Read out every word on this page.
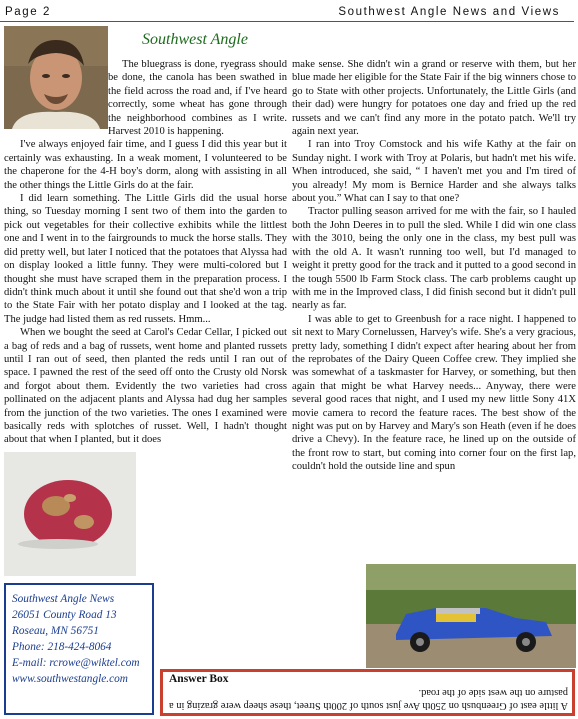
Page 2	Southwest Angle News and Views
Southwest Angle

The bluegrass is done, ryegrass should be done, the canola has been swathed in the field across the road and, if I've heard correctly, some wheat has gone through the neighborhood combines as I write. Harvest 2010 is happening.

I've always enjoyed fair time, and I guess I did this year but it certainly was exhausting. In a weak moment, I volunteered to be the chaperone for the 4-H boy's dorm, along with assisting in all the other things the Little Girls do at the fair.

I did learn something. The Little Girls did the usual horse thing, so Tuesday morning I sent two of them into the garden to pick out vegetables for their collective exhibits while the littlest one and I went in to the fairgrounds to muck the horse stalls. They did pretty well, but later I noticed that the potatoes that Alyssa had on display looked a little funny. They were multi-colored but I thought she must have scraped them in the preparation process. I didn't think much about it until she found out that she'd won a trip to the State Fair with her potato display and I looked at the tag. The judge had listed them as red russets. Hmm...

When we bought the seed at Carol's Cedar Cellar, I picked out a bag of reds and a bag of russets, went home and planted russets until I ran out of seed, then planted the reds until I ran out of space. I pawned the rest of the seed off onto the Crusty old Norsk and forgot about them. Evidently the two varieties had cross pollinated on the adjacent plants and Alyssa had dug her samples from the junction of the two varieties. The ones I examined were basically reds with splotches of russet. Well, I hadn't thought about that when I planted, but it does

make sense. She didn't win a grand or reserve with them, but her blue made her eligible for the State Fair if the big winners chose to go to State with other projects. Unfortunately, the Little Girls (and their dad) were hungry for potatoes one day and fried up the red russets and we can't find any more in the potato patch. We'll try again next year.

I ran into Troy Comstock and his wife Kathy at the fair on Sunday night. I work with Troy at Polaris, but hadn't met his wife. When introduced, she said, “ I haven't met you and I'm tired of you already! My mom is Bernice Harder and she always talks about you.” What can I say to that one?

Tractor pulling season arrived for me with the fair, so I hauled both the John Deeres in to pull the sled. While I did win one class with the 3010, being the only one in the class, my best pull was with the old A. It wasn't running too well, but I'd managed to weight it pretty good for the track and it putted to a good second in the tough 5500 lb Farm Stock class. The carb problems caught up with me in the Improved class, I did finish second but it didn't pull nearly as far.

I was able to get to Greenbush for a race night. I happened to sit next to Mary Cornelussen, Harvey's wife. She's a very gracious, pretty lady, something I didn't expect after hearing about her from the reprobates of the Dairy Queen Coffee crew. They implied she was somewhat of a taskmaster for Harvey, or something, but then again that might be what Harvey needs... Anyway, there were several good races that night, and I used my new little Sony 41X movie camera to record the feature races. The best show of the night was put on by Harvey and Mary's son Heath (even if he does drive a Chevy). In the feature race, he lined up on the outside of the front row to start, but coming into corner four on the first lap, couldn't hold the outside line and spun

Southwest Angle News
26051 County Road 13
Roseau, MN 56751
Phone: 218-424-8064
E-mail: rcrowe@wiktel.com
www.southwestangle.com	Answer Box
A little east of Greenbush on 250th Ave just south of 200th Street, these sheep were grazing in a pasture on the west side of the road.
